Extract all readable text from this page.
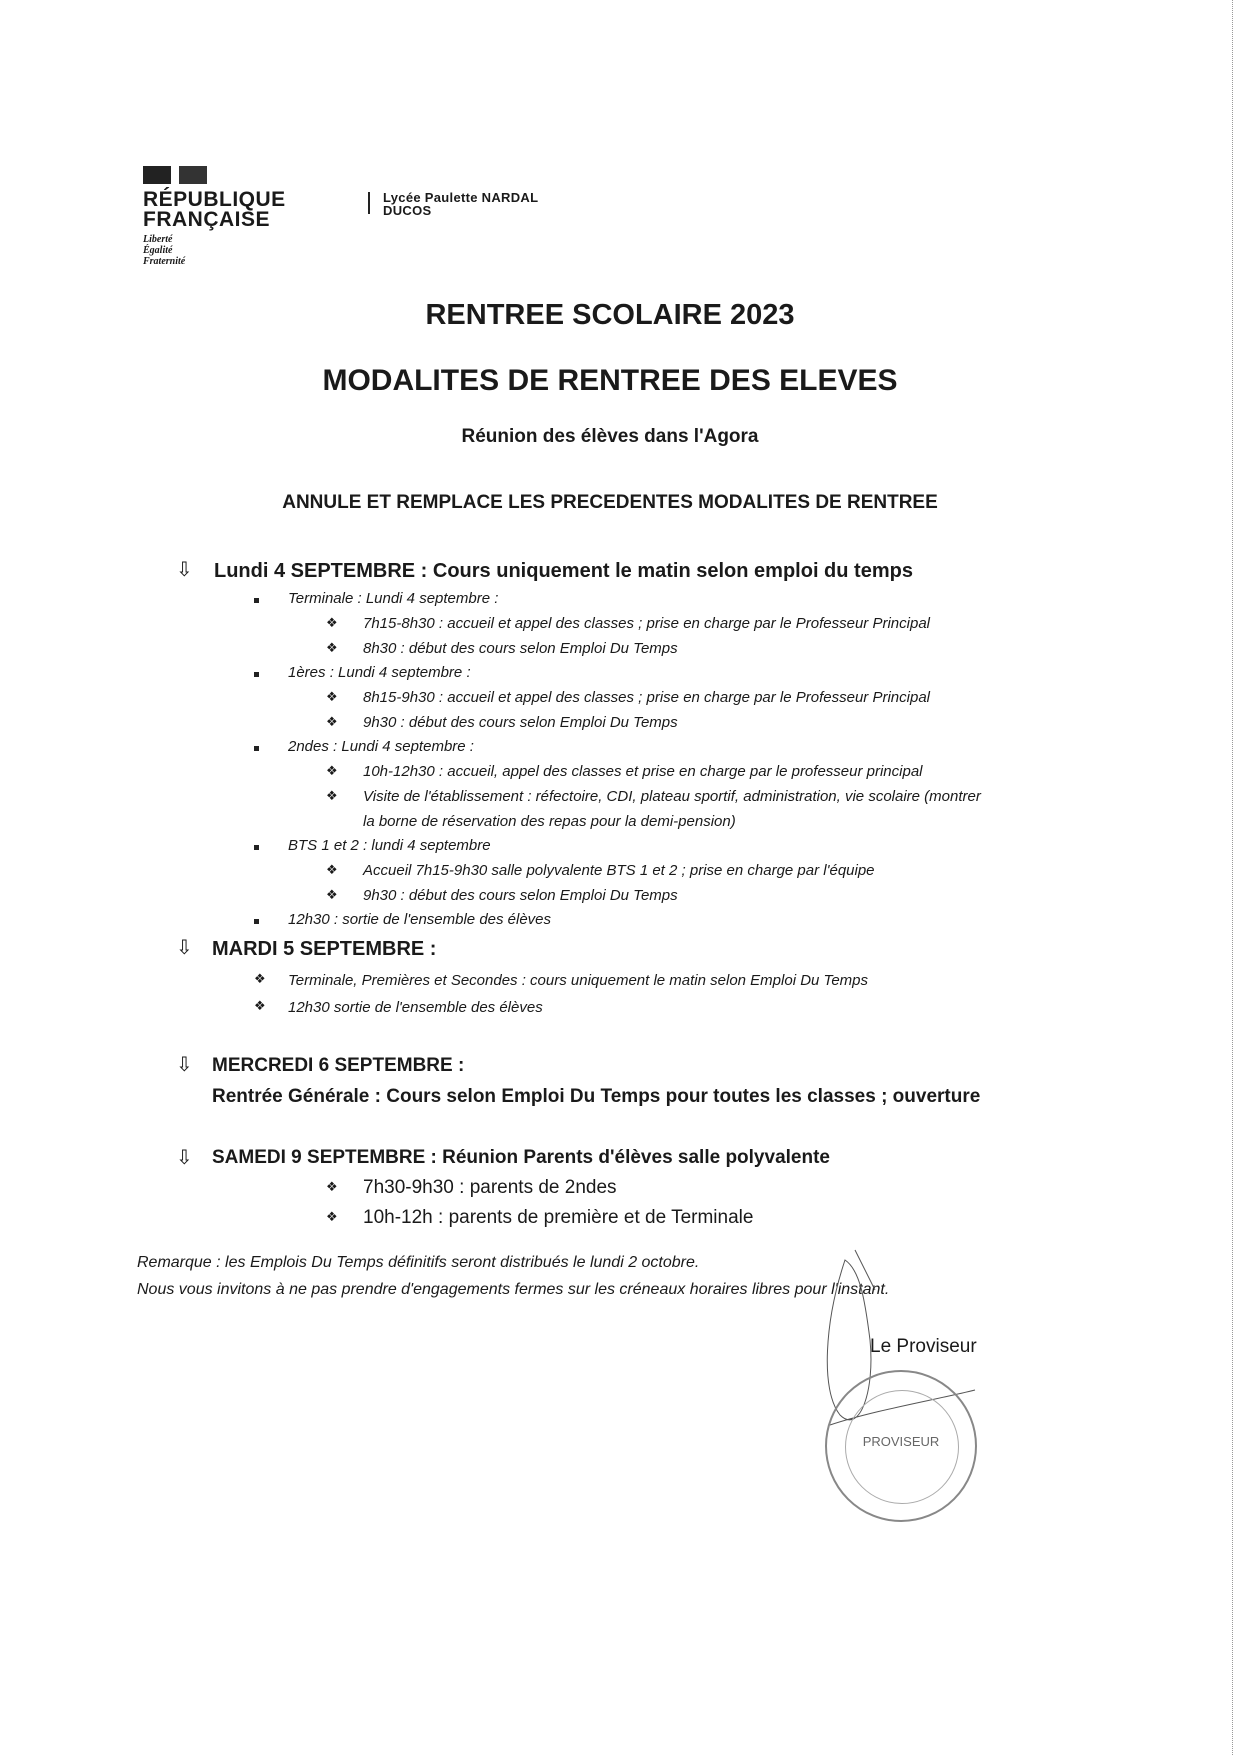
RÉPUBLIQUE
FRANÇAISE
Liberté
Égalité
Fraternité
Lycée Paulette NARDAL
DUCOS
RENTREE SCOLAIRE 2023
MODALITES DE RENTREE DES ELEVES
Réunion des élèves dans l'Agora
ANNULE ET REMPLACE LES PRECEDENTES MODALITES DE RENTREE
⇩ Lundi 4 SEPTEMBRE : Cours uniquement le matin selon emploi du temps
Terminale : Lundi 4 septembre :
❖ 7h15-8h30 : accueil et appel des classes ; prise en charge par le Professeur Principal
❖ 8h30 : début des cours selon Emploi Du Temps
1ères : Lundi 4 septembre :
❖ 8h15-9h30 : accueil et appel des classes ; prise en charge par le Professeur Principal
❖ 9h30 : début des cours selon Emploi Du Temps
2ndes : Lundi 4 septembre :
❖ 10h-12h30 : accueil, appel des classes et prise en charge par le professeur principal
❖ Visite de l'établissement : réfectoire, CDI, plateau sportif, administration, vie scolaire (montrer
la borne de réservation des repas pour la demi-pension)
BTS 1 et 2 : lundi 4 septembre
❖ Accueil 7h15-9h30 salle polyvalente BTS 1 et 2 ; prise en charge par l'équipe
❖ 9h30 : début des cours selon Emploi Du Temps
12h30 : sortie de l'ensemble des élèves
⇩ MARDI 5 SEPTEMBRE :
❖ Terminale, Premières et Secondes : cours uniquement le matin selon Emploi Du Temps
❖ 12h30 sortie de l'ensemble des élèves
⇩ MERCREDI 6 SEPTEMBRE :
Rentrée Générale : Cours selon Emploi Du Temps pour toutes les classes ; ouverture
⇩ SAMEDI 9 SEPTEMBRE : Réunion Parents d'élèves salle polyvalente
❖ 7h30-9h30 : parents de 2ndes
❖ 10h-12h : parents de première et de Terminale
Remarque : les Emplois Du Temps définitifs seront distribués le lundi 2 octobre.
Nous vous invitons à ne pas prendre d'engagements fermes sur les créneaux horaires libres pour l'instant.
Le Proviseur
PROVISEUR
